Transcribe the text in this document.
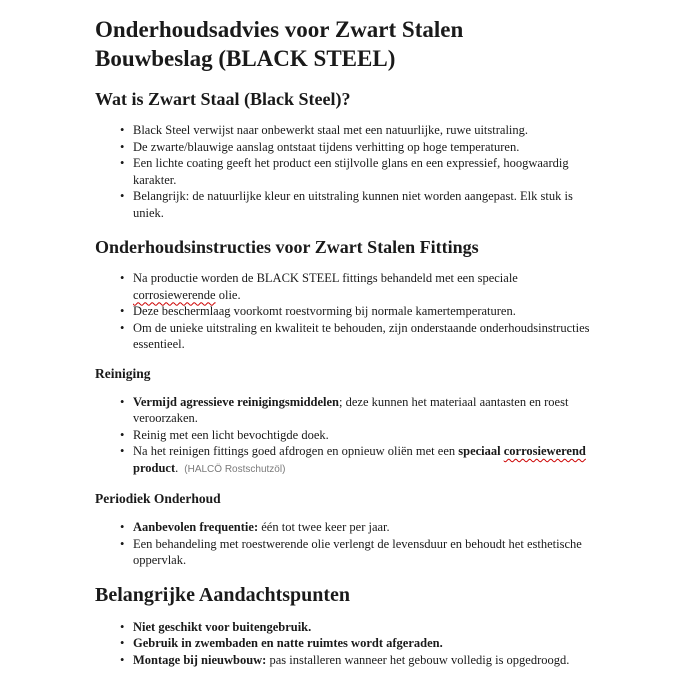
Onderhoudsadvies voor Zwart Stalen Bouwbeslag (BLACK STEEL)
Wat is Zwart Staal (Black Steel)?
• Black Steel verwijst naar onbewerkt staal met een natuurlijke, ruwe uitstraling.
• De zwarte/blauwige aanslag ontstaat tijdens verhitting op hoge temperaturen.
• Een lichte coating geeft het product een stijlvolle glans en een expressief, hoogwaardig karakter.
• Belangrijk: de natuurlijke kleur en uitstraling kunnen niet worden aangepast. Elk stuk is uniek.
Onderhoudsinstructies voor Zwart Stalen Fittings
• Na productie worden de BLACK STEEL fittings behandeld met een speciale corrosiewerende olie.
• Deze beschermlaag voorkomt roestvorming bij normale kamertemperaturen.
• Om de unieke uitstraling en kwaliteit te behouden, zijn onderstaande onderhoudsinstructies essentieel.
Reiniging
• Vermijd agressieve reinigingsmiddelen; deze kunnen het materiaal aantasten en roest veroorzaken.
• Reinig met een licht bevochtigde doek.
• Na het reinigen fittings goed afdrogen en opnieuw oliën met een speciaal corrosiewerend product. (HALCÖ Rostschutzöl)
Periodiek Onderhoud
• Aanbevolen frequentie: één tot twee keer per jaar.
• Een behandeling met roestwerende olie verlengt de levensduur en behoudt het esthetische oppervlak.
Belangrijke Aandachtspunten
• Niet geschikt voor buitengebruik.
• Gebruik in zwembaden en natte ruimtes wordt afgeraden.
• Montage bij nieuwbouw: pas installeren wanneer het gebouw volledig is opgedroogd.
